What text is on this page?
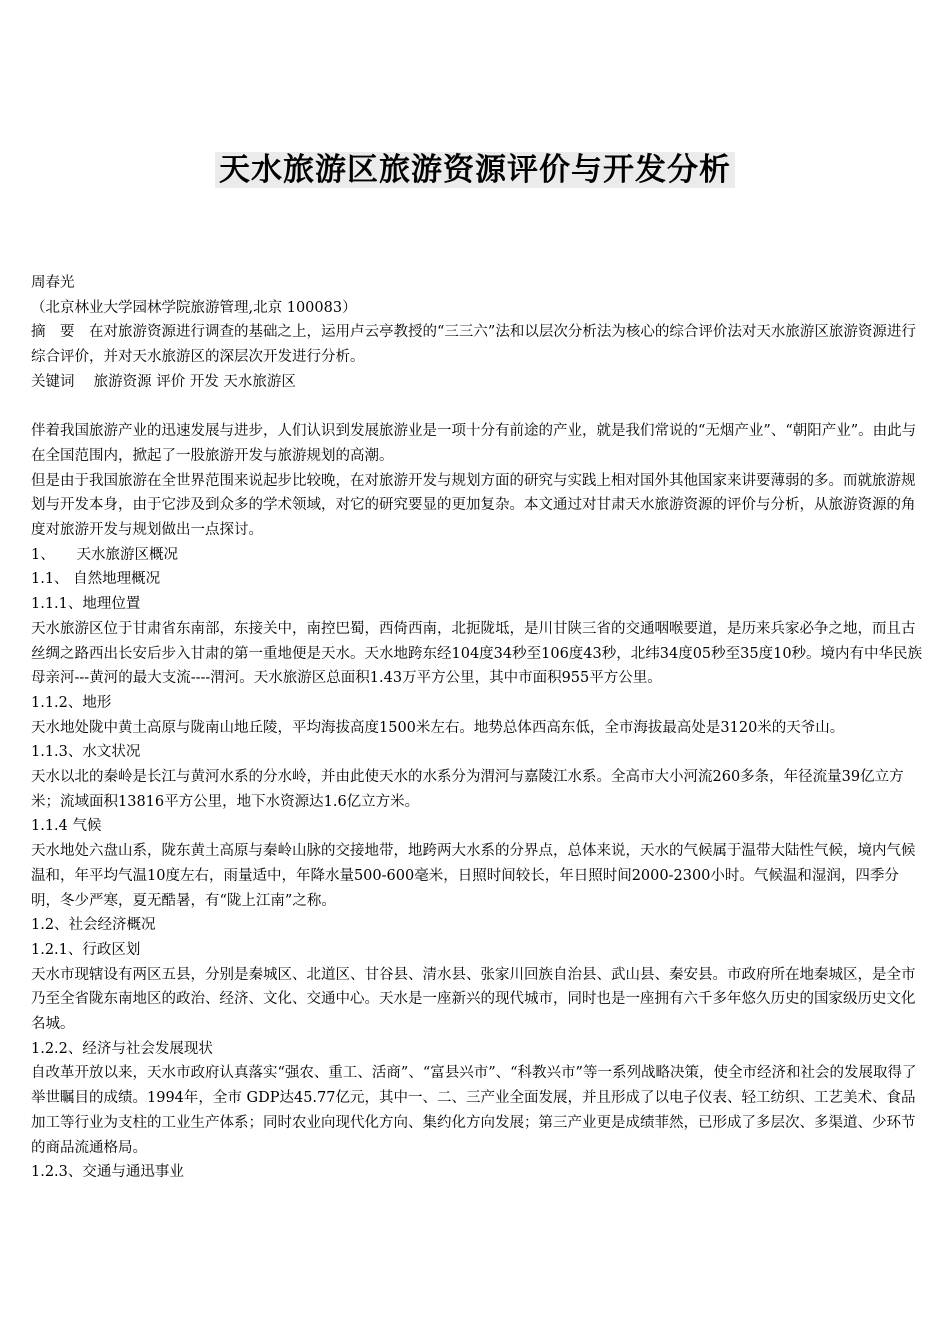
天水旅游区旅游资源评价与开发分析

周春光

（北京林业大学园林学院旅游管理,北京 100083）

摘　要　在对旅游资源进行调查的基础之上，运用卢云亭教授的“三三六”法和以层次分析法为核心的综合评价法对天水旅游区旅游资源进行综合评价，并对天水旅游区的深层次开发进行分析。

关键词　 旅游资源 评价 开发 天水旅游区

伴着我国旅游产业的迅速发展与进步，人们认识到发展旅游业是一项十分有前途的产业，就是我们常说的“无烟产业”、“朝阳产业”。由此与在全国范围内，掀起了一股旅游开发与旅游规划的高潮。

但是由于我国旅游在全世界范围来说起步比较晚，在对旅游开发与规划方面的研究与实践上相对国外其他国家来讲要薄弱的多。而就旅游规划与开发本身，由于它涉及到众多的学术领域，对它的研究要显的更加复杂。本文通过对甘肃天水旅游资源的评价与分析，从旅游资源的角度对旅游开发与规划做出一点探讨。

1、　　天水旅游区概况

1.1、 自然地理概况

1.1.1、地理位置

天水旅游区位于甘肃省东南部，东接关中，南控巴蜀，西倚西南，北扼陇坻，是川甘陕三省的交通咽喉要道，是历来兵家必争之地，而且古丝绸之路西出长安后步入甘肃的第一重地便是天水。天水地跨东经104度34秒至106度43秒，北纬34度05秒至35度10秒。境内有中华民族母亲河---黄河的最大支流----渭河。天水旅游区总面积1.43万平方公里，其中市面积955平方公里。

1.1.2、地形

天水地处陇中黄土高原与陇南山地丘陵，平均海拔高度1500米左右。地势总体西高东低，全市海拔最高处是3120米的天爷山。

1.1.3、水文状况

天水以北的秦岭是长江与黄河水系的分水岭，并由此使天水的水系分为渭河与嘉陵江水系。全高市大小河流260多条，年径流量39亿立方米；流域面积13816平方公里，地下水资源达1.6亿立方米。

1.1.4 气候

天水地处六盘山系，陇东黄土高原与秦岭山脉的交接地带，地跨两大水系的分界点，总体来说，天水的气候属于温带大陆性气候，境内气候温和，年平均气温10度左右，雨量适中，年降水量500-600毫米，日照时间较长，年日照时间2000-2300小时。气候温和湿润，四季分明，冬少严寒，夏无酷暑，有“陇上江南”之称。

1.2、社会经济概况

1.2.1、行政区划

天水市现辖设有两区五县，分别是秦城区、北道区、甘谷县、清水县、张家川回族自治县、武山县、秦安县。市政府所在地秦城区，是全市乃至全省陇东南地区的政治、经济、文化、交通中心。天水是一座新兴的现代城市，同时也是一座拥有六千多年悠久历史的国家级历史文化名城。

1.2.2、经济与社会发展现状

自改革开放以来，天水市政府认真落实“强农、重工、活商”、“富县兴市”、“科教兴市”等一系列战略决策，使全市经济和社会的发展取得了举世瞩目的成绩。1994年，全市 GDP达45.77亿元，其中一、二、三产业全面发展，并且形成了以电子仪表、轻工纺织、工艺美术、食品加工等行业为支柱的工业生产体系；同时农业向现代化方向、集约化方向发展；第三产业更是成绩菲然，已形成了多层次、多渠道、少环节的商品流通格局。

1.2.3、交通与通迅事业
